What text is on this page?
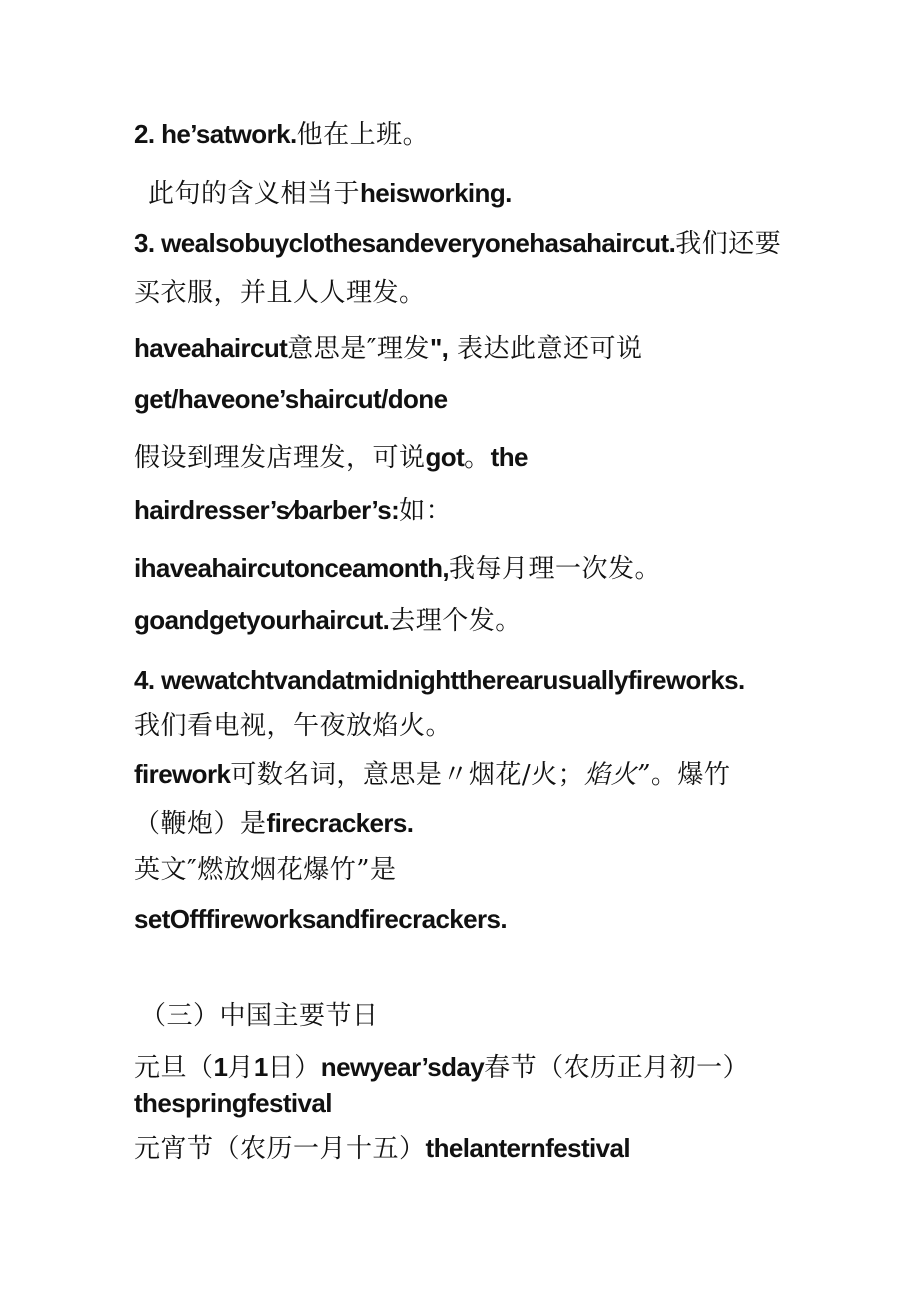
2. he’satwork.他在上班。
此句的含义相当于heisworking.
3. wealsobuyclothesandeveryonehasahaircut.我们还要
买衣服，并且人人理发。
haveahaircut意思是″理发", 表达此意还可说
get/haveone’shaircut/done
假设到理发店理发，可说got。the
hairdresser’s∕barber’s:如：
ihaveahaircutonceamonth,我每月理一次发。
goandgetyourhaircut.去理个发。
4. wewatchtvandatmidnighttherearusuallyfireworks.
我们看电视，午夜放焰火。
firework可数名词，意思是〃烟花/火；焰火”。爆竹
（鞭炮）是firecrackers.
英文″燃放烟花爆竹”是
setOfffireworksandfirecrackers.
（三）中国主要节日
元旦（1月1日）newyear’sday春节（农历正月初一）
thespringfestival
元宵节（农历一月十五）thelanternfestival
